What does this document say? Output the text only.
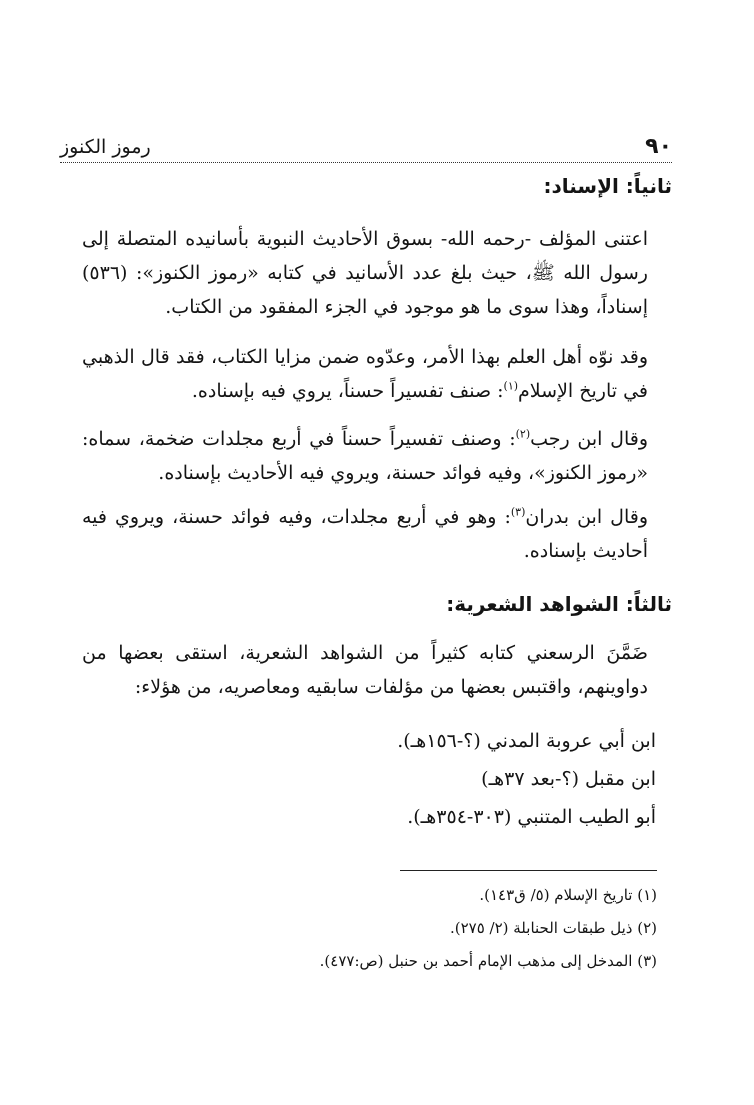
٩٠
رموز الكنوز
ثانياً: الإسناد:

اعتنى المؤلف -رحمه الله- بسوق الأحاديث النبوية بأسانيده المتصلة إلى رسول الله ﷺ، حيث بلغ عدد الأسانيد في كتابه «رموز الكنوز»: (٥٣٦) إسناداً، وهذا سوى ما هو موجود في الجزء المفقود من الكتاب.

وقد نوّه أهل العلم بهذا الأمر، وعدّوه ضمن مزايا الكتاب، فقد قال الذهبي في تاريخ الإسلام$^{(١)}$: صنف تفسيراً حسناً، يروي فيه بإسناده.

وقال ابن رجب$^{(٢)}$: وصنف تفسيراً حسناً في أربع مجلدات ضخمة، سماه: «رموز الكنوز»، وفيه فوائد حسنة، ويروي فيه الأحاديث بإسناده.

وقال ابن بدران$^{(٣)}$: وهو في أربع مجلدات، وفيه فوائد حسنة، ويروي فيه أحاديث بإسناده.

ثالثاً: الشواهد الشعرية:

ضَمَّنَ الرسعني كتابه كثيراً من الشواهد الشعرية، استقى بعضها من دواوينهم، واقتبس بعضها من مؤلفات سابقيه ومعاصريه، من هؤلاء:

ابن أبي عروبة المدني (؟-١٥٦هـ).
ابن مقبل (؟-بعد ٣٧هـ)
أبو الطيب المتنبي (٣٠٣-٣٥٤هـ).
(١) تاريخ الإسلام (٥/ ق١٤٣).
(٢) ذيل طبقات الحنابلة (٢/ ٢٧٥).
(٣) المدخل إلى مذهب الإمام أحمد بن حنبل (ص:٤٧٧).
